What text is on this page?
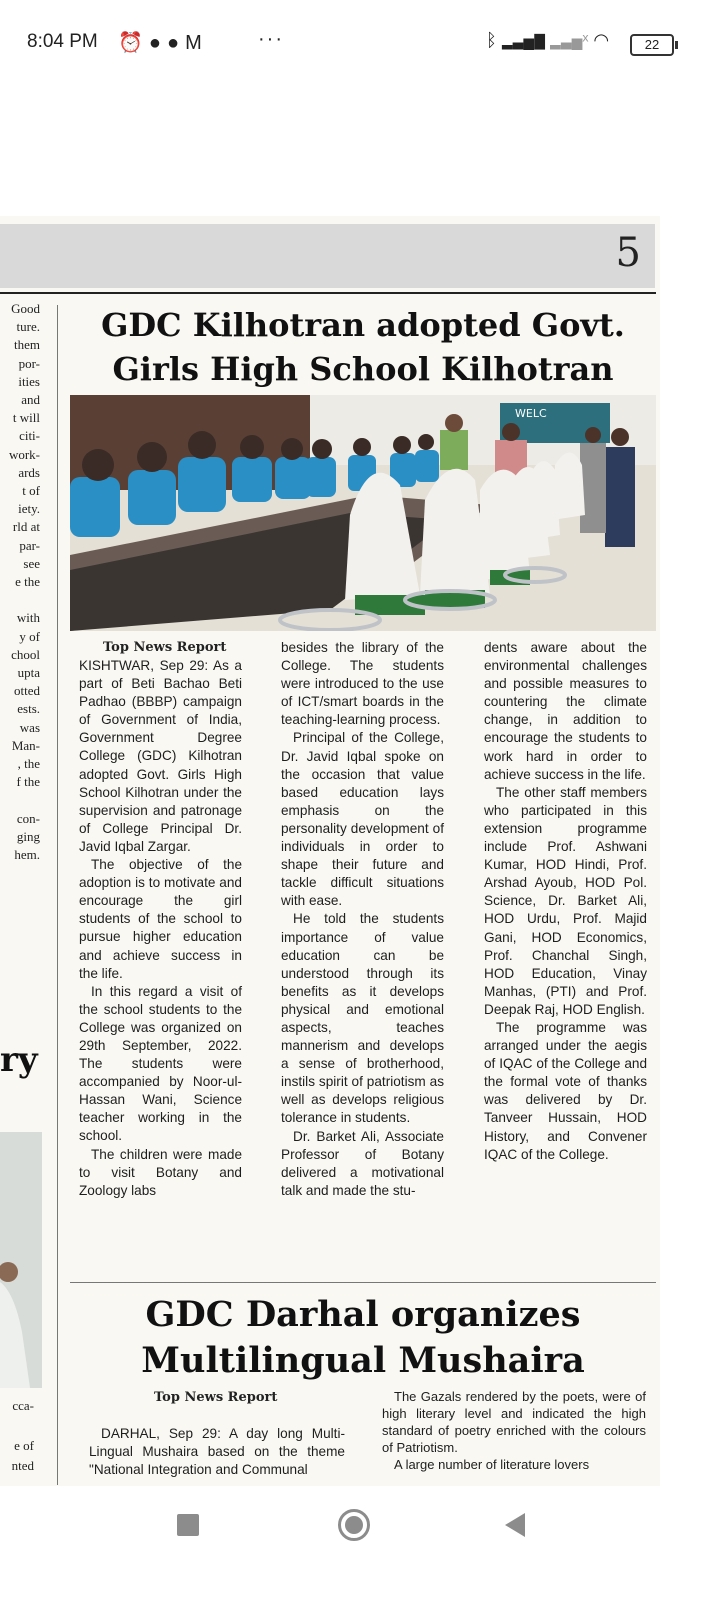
8:04 PM ⏰●●M	···	ᛒ ▂▃▅▇ ▂▃▅ˣ ◠	22
5
Good
ture.
them
por-
ities
and
t will
citi-
work-
ards
t of
iety.
rld at
par-
see
e the

with
y of
chool
upta
otted
ests.
was
Man-
, the
f the

con-
ging
hem.
ry
cca-

e of
nted
GDC Kilhotran adopted Govt.
Girls High School Kilhotran
WELC
Top News Report

KISHTWAR, Sep 29: As a part of Beti Bachao Beti Padhao (BBBP) campaign of Government of India, Government Degree College (GDC) Kilhotran adopted Govt. Girls High School Kilhotran under the supervision and patronage of College Principal Dr. Javid Iqbal Zargar.

The objective of the adoption is to motivate and encourage the girl students of the school to pursue higher education and achieve success in the life.

In this regard a visit of the school students to the College was organized on 29th September, 2022. The students were accompanied by Noor-ul-Hassan Wani, Science teacher working in the school.

The children were made to visit Botany and Zoology labs

besides the library of the College. The students were introduced to the use of ICT/smart boards in the teaching-learning process.

Principal of the College, Dr. Javid Iqbal spoke on the occasion that value based education lays emphasis on the personality development of individuals in order to shape their future and tackle difficult situations with ease.

He told the students importance of value education can be understood through its benefits as it develops physical and emotional aspects, teaches mannerism and develops a sense of brotherhood, instils spirit of patriotism as well as develops religious tolerance in students.

Dr. Barket Ali, Associate Professor of Botany delivered a motivational talk and made the stu-

dents aware about the environmental challenges and possible measures to countering the climate change, in addition to encourage the students to work hard in order to achieve success in the life.

The other staff members who participated in this extension programme include Prof. Ashwani Kumar, HOD Hindi, Prof. Arshad Ayoub, HOD Pol. Science, Dr. Barket Ali, HOD Urdu, Prof. Majid Gani, HOD Economics, Prof. Chanchal Singh, HOD Education, Vinay Manhas, (PTI) and Prof. Deepak Raj, HOD English.

The programme was arranged under the aegis of IQAC of the College and the formal vote of thanks was delivered by Dr. Tanveer Hussain, HOD History, and Convener IQAC of the College.

GDC Darhal organizes
Multilingual Mushaira
Top News Report

DARHAL, Sep 29: A day long Multi-Lingual Mushaira based on the theme "National Integration and Communal

The Gazals rendered by the poets, were of high literary level and indicated the high standard of poetry enriched with the colours of Patriotism.

A large number of literature lovers
